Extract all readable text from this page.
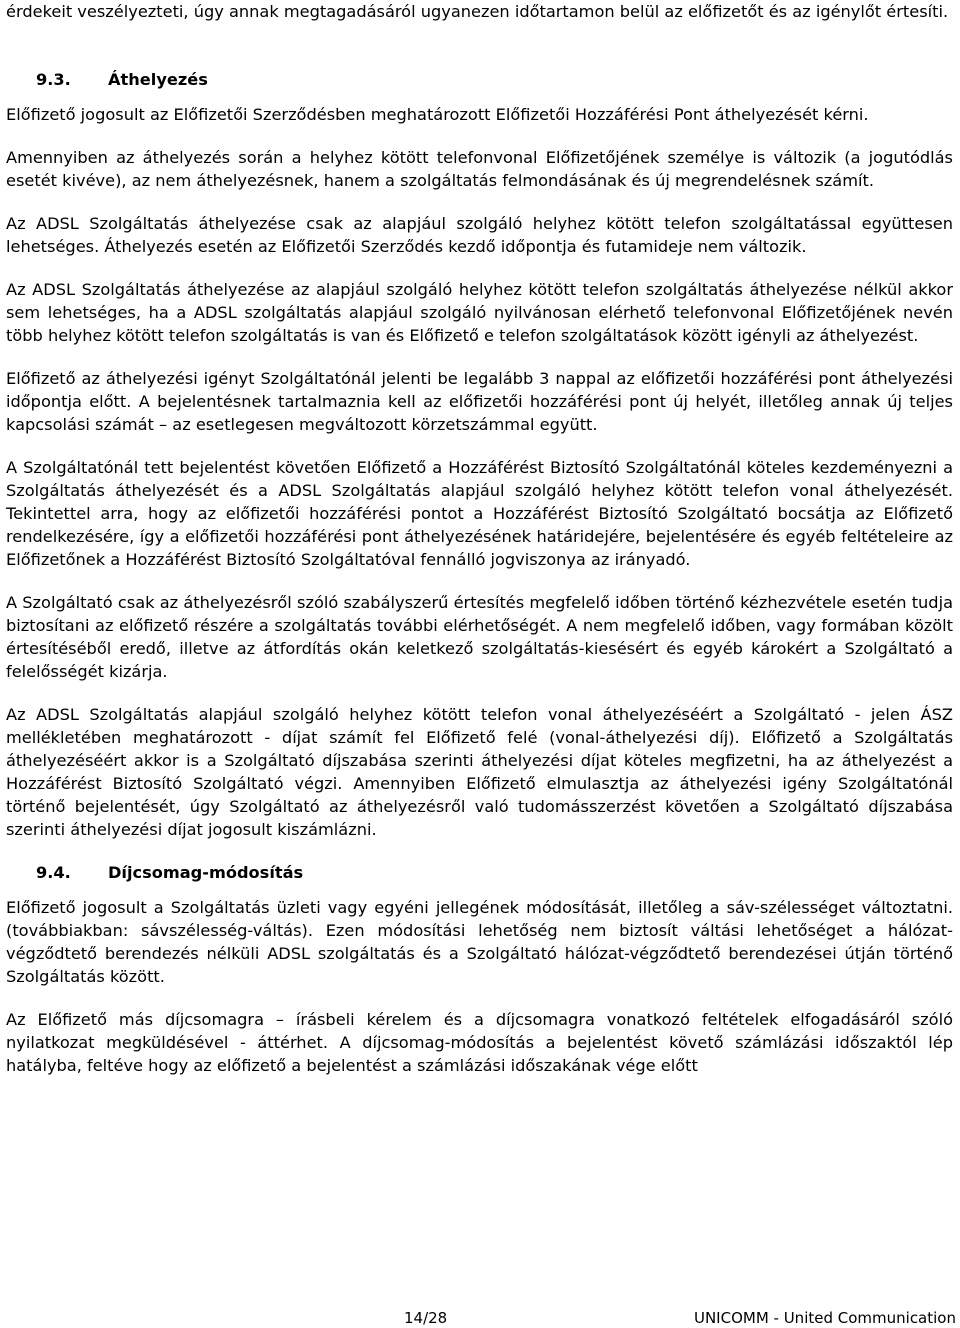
érdekeit veszélyezteti, úgy annak megtagadásáról ugyanezen időtartamon belül az előfizetőt és az igénylőt értesíti.

9.3.	Áthelyezés

Előfizető jogosult az Előfizetői Szerződésben meghatározott Előfizetői Hozzáférési Pont áthelyezését kérni.

Amennyiben az áthelyezés során a helyhez kötött telefonvonal Előfizetőjének személye is változik (a jogutódlás esetét kivéve), az nem áthelyezésnek, hanem a szolgáltatás felmondásának és új megrendelésnek számít.

Az ADSL Szolgáltatás áthelyezése csak az alapjául szolgáló helyhez kötött telefon szolgáltatással együttesen lehetséges. Áthelyezés esetén az Előfizetői Szerződés kezdő időpontja és futamideje nem változik.

Az ADSL Szolgáltatás áthelyezése az alapjául szolgáló helyhez kötött telefon szolgáltatás áthelyezése nélkül akkor sem lehetséges, ha a ADSL szolgáltatás alapjául szolgáló nyilvánosan elérhető telefonvonal Előfizetőjének nevén több helyhez kötött telefon szolgáltatás is van és Előfizető e telefon szolgáltatások között igényli az áthelyezést.

Előfizető az áthelyezési igényt Szolgáltatónál jelenti be legalább 3 nappal az előfizetői hozzáférési pont áthelyezési időpontja előtt. A bejelentésnek tartalmaznia kell az előfizetői hozzáférési pont új helyét, illetőleg annak új teljes kapcsolási számát – az esetlegesen megváltozott körzetszámmal együtt.

A Szolgáltatónál tett bejelentést követően Előfizető a Hozzáférést Biztosító Szolgáltatónál köteles kezdeményezni a Szolgáltatás áthelyezését és a ADSL Szolgáltatás alapjául szolgáló helyhez kötött telefon vonal áthelyezését. Tekintettel arra, hogy az előfizetői hozzáférési pontot a Hozzáférést Biztosító Szolgáltató bocsátja az Előfizető rendelkezésére, így a előfizetői hozzáférési pont áthelyezésének határidejére, bejelentésére és egyéb feltételeire az Előfizetőnek a Hozzáférést Biztosító Szolgáltatóval fennálló jogviszonya az irányadó.

A Szolgáltató csak az áthelyezésről szóló szabályszerű értesítés megfelelő időben történő kézhezvétele esetén tudja biztosítani az előfizető részére a szolgáltatás további elérhetőségét. A nem megfelelő időben, vagy formában közölt értesítéséből eredő, illetve az átfordítás okán keletkező szolgáltatás-kiesésért és egyéb károkért a Szolgáltató a felelősségét kizárja.

Az ADSL Szolgáltatás alapjául szolgáló helyhez kötött telefon vonal áthelyezéséért a Szolgáltató - jelen ÁSZ mellékletében meghatározott - díjat számít fel Előfizető felé (vonal-áthelyezési díj). Előfizető a Szolgáltatás áthelyezéséért akkor is a Szolgáltató díjszabása szerinti áthelyezési díjat köteles megfizetni, ha az áthelyezést a Hozzáférést Biztosító Szolgáltató végzi. Amennyiben Előfizető elmulasztja az áthelyezési igény Szolgáltatónál történő bejelentését, úgy Szolgáltató az áthelyezésről való tudomásszerzést követően a Szolgáltató díjszabása szerinti áthelyezési díjat jogosult kiszámlázni.

9.4.	Díjcsomag-módosítás

Előfizető jogosult a Szolgáltatás üzleti vagy egyéni jellegének módosítását, illetőleg a sáv-szélességet változtatni. (továbbiakban: sávszélesség-váltás). Ezen módosítási lehetőség nem biztosít váltási lehetőséget a hálózat-végződtető berendezés nélküli ADSL szolgáltatás és a Szolgáltató hálózat-végződtető berendezései útján történő Szolgáltatás között.

Az Előfizető más díjcsomagra – írásbeli kérelem és a díjcsomagra vonatkozó feltételek elfogadásáról szóló nyilatkozat megküldésével - áttérhet. A díjcsomag-módosítás a bejelentést követő számlázási időszaktól lép hatályba, feltéve hogy az előfizető a bejelentést a számlázási időszakának vége előtt

14/28	UNICOMM - United Communication
